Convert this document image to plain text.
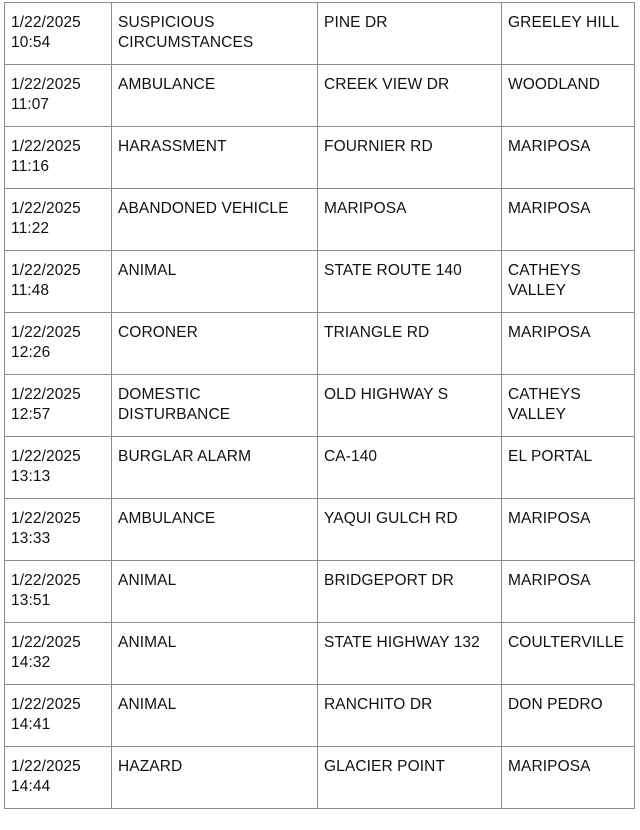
1/22/2025
10:54	SUSPICIOUS CIRCUMSTANCES	PINE DR	GREELEY HILL

1/22/2025
11:07	AMBULANCE	CREEK VIEW DR	WOODLAND

1/22/2025
11:16	HARASSMENT	FOURNIER RD	MARIPOSA

1/22/2025
11:22	ABANDONED VEHICLE	MARIPOSA	MARIPOSA

1/22/2025
11:48	ANIMAL	STATE ROUTE 140	CATHEYS VALLEY

1/22/2025
12:26	CORONER	TRIANGLE RD	MARIPOSA

1/22/2025
12:57	DOMESTIC DISTURBANCE	OLD HIGHWAY S	CATHEYS VALLEY

1/22/2025
13:13	BURGLAR ALARM	CA-140	EL PORTAL

1/22/2025
13:33	AMBULANCE	YAQUI GULCH RD	MARIPOSA

1/22/2025
13:51	ANIMAL	BRIDGEPORT DR	MARIPOSA

1/22/2025
14:32	ANIMAL	STATE HIGHWAY 132	COULTERVILLE

1/22/2025
14:41	ANIMAL	RANCHITO DR	DON PEDRO

1/22/2025
14:44	HAZARD	GLACIER POINT	MARIPOSA
